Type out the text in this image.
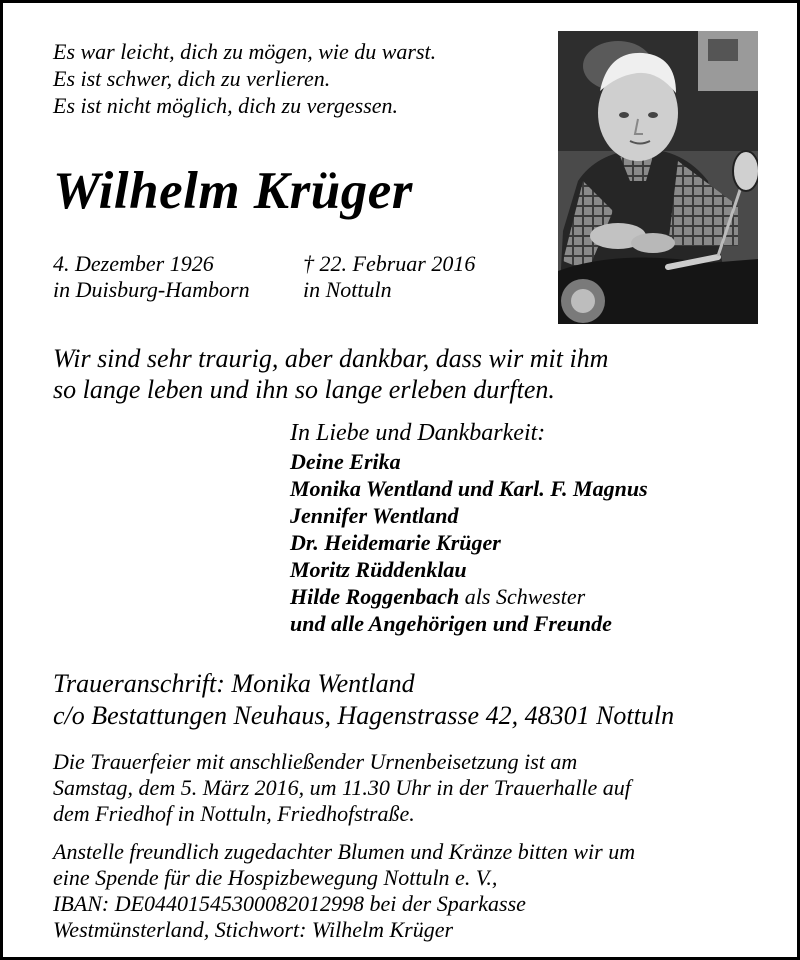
Es war leicht, dich zu mögen, wie du warst.
Es ist schwer, dich zu verlieren.
Es ist nicht möglich, dich zu vergessen.
Wilhelm Krüger
4. Dezember 1926
in Duisburg-Hamborn
† 22. Februar 2016
in Nottuln
Wir sind sehr traurig, aber dankbar, dass wir mit ihm
so lange leben und ihn so lange erleben durften.
In Liebe und Dankbarkeit:
Deine Erika
Monika Wentland und Karl. F. Magnus
Jennifer Wentland
Dr. Heidemarie Krüger
Moritz Rüddenklau
Hilde Roggenbach als Schwester
und alle Angehörigen und Freunde
Traueranschrift: Monika Wentland
c/o Bestattungen Neuhaus, Hagenstrasse 42, 48301 Nottuln
Die Trauerfeier mit anschließender Urnenbeisetzung ist am
Samstag, dem 5. März 2016, um 11.30 Uhr in der Trauerhalle auf
dem Friedhof in Nottuln, Friedhofstraße.
Anstelle freundlich zugedachter Blumen und Kränze bitten wir um
eine Spende für die Hospizbewegung Nottuln e. V.,
IBAN: DE04401545300082012998 bei der Sparkasse
Westmünsterland, Stichwort: Wilhelm Krüger
